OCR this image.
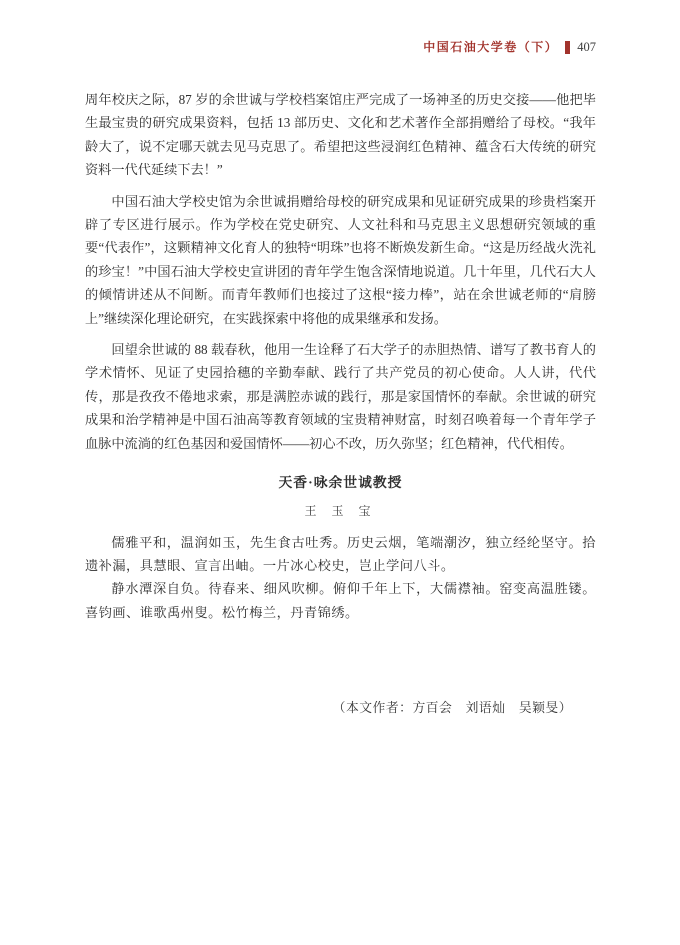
中国石油大学卷（下） 407

周年校庆之际，87 岁的余世诚与学校档案馆庄严完成了一场神圣的历史交接——他把毕生最宝贵的研究成果资料，包括 13 部历史、文化和艺术著作全部捐赠给了母校。“我年龄大了，说不定哪天就去见马克思了。希望把这些浸润红色精神、蕴含石大传统的研究资料一代代延续下去！”

中国石油大学校史馆为余世诚捐赠给母校的研究成果和见证研究成果的珍贵档案开辟了专区进行展示。作为学校在党史研究、人文社科和马克思主义思想研究领域的重要“代表作”，这颗精神文化育人的独特“明珠”也将不断焕发新生命。“这是历经战火洗礼的珍宝！”中国石油大学校史宣讲团的青年学生饱含深情地说道。几十年里，几代石大人的倾情讲述从不间断。而青年教师们也接过了这根“接力棒”，站在余世诚老师的“肩膀上”继续深化理论研究，在实践探索中将他的成果继承和发扬。

回望余世诚的 88 载春秋，他用一生诠释了石大学子的赤胆热情、谱写了教书育人的学术情怀、见证了史园拾穗的辛勤奉献、践行了共产党员的初心使命。人人讲，代代传，那是孜孜不倦地求索，那是满腔赤诚的践行，那是家国情怀的奉献。余世诚的研究成果和治学精神是中国石油高等教育领域的宝贵精神财富，时刻召唤着每一个青年学子血脉中流淌的红色基因和爱国情怀——初心不改，历久弥坚；红色精神，代代相传。

天香·咏余世诚教授
王 玉 宝

儒雅平和，温润如玉，先生食古吐秀。历史云烟，笔端潮汐，独立经纶坚守。拾遗补漏，具慧眼、宣言出岫。一片冰心校史，岂止学问八斗。

静水潭深自负。待春来、细风吹柳。俯仰千年上下，大儒襟袖。窑变高温胜镂。喜钧画、谁歌禹州叟。松竹梅兰，丹青锦绣。

（本文作者：方百会　刘语灿　吴颖旻）
